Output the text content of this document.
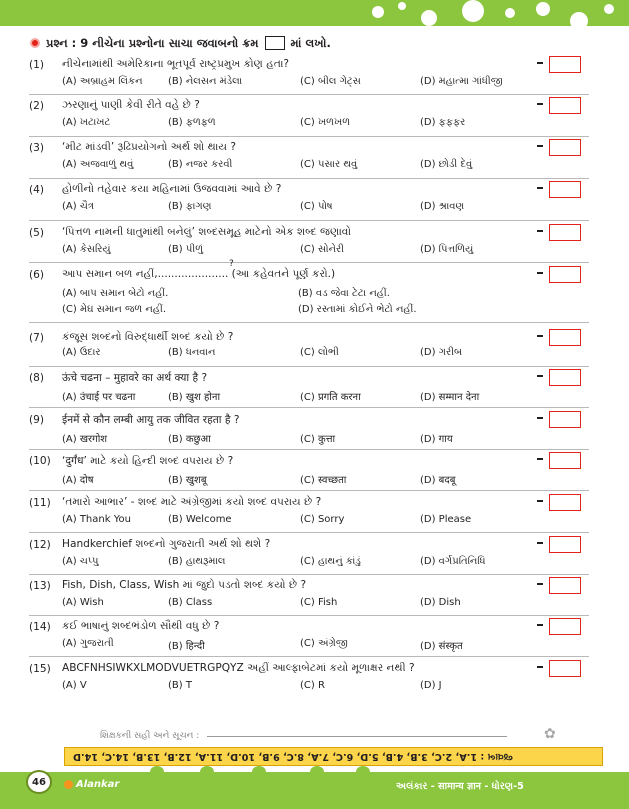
પ્રશ્ન : 9 નીચેના પ્રશ્નોના સાચા જવાબનો ક્રમ	માં લખો.
(1)	નીચેનામાંથી અમેરિકાના ભૂતપૂર્વ રાષ્ટ્રપ્રમુખ કોણ હતા?
(A) અબ્રાહમ લિંકન	(B) નેલસન મંડેલા	(C) બીલ ગેટ્સ	(D) મહાત્મા ગાંધીજી
(2)	ઝરણાનું પાણી કેવી રીતે વહે છે ?
(A) ખટાખટ	(B) ફળફળ	(C) ખળખળ	(D) ફફફર
(3)	‘મીટ માંડવી’ રૂઢિપ્રયોગનો અર્થ શો થાય ?
(A) અજવાળું થવું	(B) નજર કરવી	(C) પસાર થવું	(D) છોડી દેવું
(4)	હોળીનો તહેવાર કયા મહિનામાં ઉજવવામાં આવે છે ?
(A) ચૈત્ર	(B) ફાગણ	(C) પોષ	(D) શ્રાવણ
(5)	‘પિત્તળ નામની ધાતુમાંથી બનેલું’ શબ્દસમૂહ માટેનો એક શબ્દ જણાવો
(A) કેસરિયું	(B) પીળું	(C) સોનેરી	(D) પિત્તળિયું
(6)	આપ સમાન બળ નહીં,..................... (આ કહેવતને પૂર્ણ કરો.)
?
(A) બાપ સમાન બેટો નહીં.	(B) વડ જેવા ટેટા નહીં.
(C) મેઘ સમાન જળ નહીં.	(D) રસ્તામાં કોઈને ભેટો નહીં.
(7)	કંજૂસ શબ્દનો વિરુદ્ધાર્થી શબ્દ કયો છે ?
(A) ઉદાર	(B) ધનવાન	(C) લોભી	(D) ગરીબ
(8)	ऊंचे चढना – मुहावरे का अर्थ क्या है ?
(A) उंचाई पर चढना	(B) खुश होना	(C) प्रगति करना	(D) सम्मान देना
(9)	ईनमें से कौन लम्बी आयु तक जीवित रहता है ?
(A) खरगोश	(B) कछुआ	(C) कुत्ता	(D) गाय
(10)	‘दुर्गंध’ માટે કયો હિન્દી શબ્દ વપરાય છે ?
(A) दोष	(B) खुशबू	(C) स्वच्छता	(D) बदबू
(11)	‘તમારો આભાર’ - શબ્દ માટે અંગ્રેજીમાં કયો શબ્દ વપરાય છે ?
(A) Thank You	(B) Welcome	(C) Sorry	(D) Please
(12)	Handkerchief શબ્દનો ગુજરાતી અર્થ શો થશે ?
(A) ચપ્પુ	(B) હાથરૂમાલ	(C) હાથનું કાંડું	(D) વર્ગપ્રતિનિધિ
(13)	Fish, Dish, Class, Wish માં જુદો પડતો શબ્દ કયો છે ?
(A) Wish	(B) Class	(C) Fish	(D) Dish
(14)	કઈ ભાષાનું શબ્દભંડોળ સૌથી વધુ છે ?
(A) ગુજરાતી	(B) हिन्दी	(C) અંગ્રેજી	(D) संस्कृत
(15)	ABCFNHSIWKXLMODVUETRGPQYZ અહીં આલ્ફાબેટમાં કયો મૂળાક્ષર નથી ?
(A) V	(B) T	(C) R	(D) J
શિક્ષકની સહી અને સૂચન :	✿
જવાબ : 1.A, 2.C, 3.B, 4.B, 5.D, 6.C, 7.A, 8.C, 9.B, 10.D, 11.A, 12.B, 13.B, 14.C, 14.D
46	Alankar	અલંકાર - सामान्य ज्ञान - ધોરણ-5
